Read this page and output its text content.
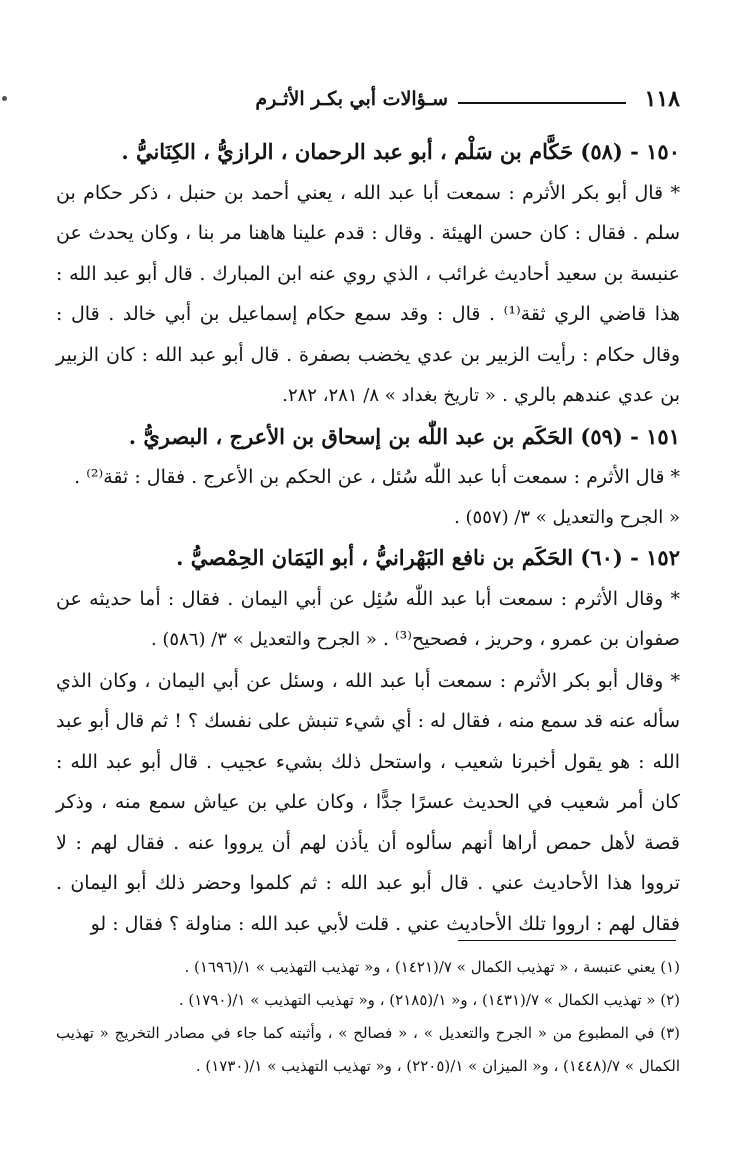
١١٨
سـؤالات أبي بكـر الأثـرم

١٥٠ - (٥٨) حَكَّام بن سَلْم ، أبو عبد الرحمان ، الرازيُّ ، الكِنَانيُّ .

* قال أبو بكر الأثرم : سمعت أبا عبد الله ، يعني أحمد بن حنبل ، ذكر حكام بن سلم . فقال : كان حسن الهيئة . وقال : قدم علينا هاهنا مر بنا ، وكان يحدث عن عنبسة بن سعيد أحاديث غرائب ، الذي روي عنه ابن المبارك . قال أبو عبد الله : هذا قاضي الري ثقة⁽¹⁾ . قال : وقد سمع حكام إسماعيل بن أبي خالد . قال : وقال حكام : رأيت الزبير بن عدي يخضب بصفرة . قال أبو عبد الله : كان الزبير بن عدي عندهم بالري . « تاريخ بغداد » ٨/ ٢٨١، ٢٨٢.

١٥١ - (٥٩) الحَكَم بن عبد اللّٰه بن إسحاق بن الأعرج ، البصريُّ .

* قال الأثرم : سمعت أبا عبد اللّٰه سُئل ، عن الحكم بن الأعرج . فقال : ثقة⁽²⁾ .

« الجرح والتعديل » ٣/ (٥٥٧) .

١٥٢ - (٦٠) الحَكَم بن نافع البَهْرانيُّ ، أبو اليَمَان الحِمْصيُّ .

* وقال الأثرم : سمعت أبا عبد اللّٰه سُئِل عن أبي اليمان . فقال : أما حديثه عن صفوان بن عمرو ، وحريز ، فصحيح⁽³⁾ . « الجرح والتعديل » ٣/ (٥٨٦) .

* وقال أبو بكر الأثرم : سمعت أبا عبد الله ، وسئل عن أبي اليمان ، وكان الذي سأله عنه قد سمع منه ، فقال له : أي شيء تنبش على نفسك ؟ ! ثم قال أبو عبد الله : هو يقول أخبرنا شعيب ، واستحل ذلك بشيء عجيب . قال أبو عبد الله : كان أمر شعيب في الحديث عسرًا جدًّا ، وكان علي بن عياش سمع منه ، وذكر قصة لأهل حمص أراها أنهم سألوه أن يأذن لهم أن يرووا عنه . فقال لهم : لا ترووا هذا الأحاديث عني . قال أبو عبد الله : ثم كلموا وحضر ذلك أبو اليمان . فقال لهم : ارووا تلك الأحاديث عني . قلت لأبي عبد الله : مناولة ؟ فقال : لو

(١) يعني عنبسة ، « تهذيب الكمال » ٧/(١٤٢١) ، و« تهذيب التهذيب » ١/(١٦٩٦) .

(٢) « تهذيب الكمال » ٧/(١٤٣١) ، و« ١/(٢١٨٥) ، و« تهذيب التهذيب » ١/(١٧٩٠) .

(٣) في المطبوع من « الجرح والتعديل » ، « فصالح » ، وأثبته كما جاء في مصادر التخريج « تهذيب الكمال » ٧/(١٤٤٨) ، و« الميزان » ١/(٢٢٠٥) ، و« تهذيب التهذيب » ١/(١٧٣٠) .
